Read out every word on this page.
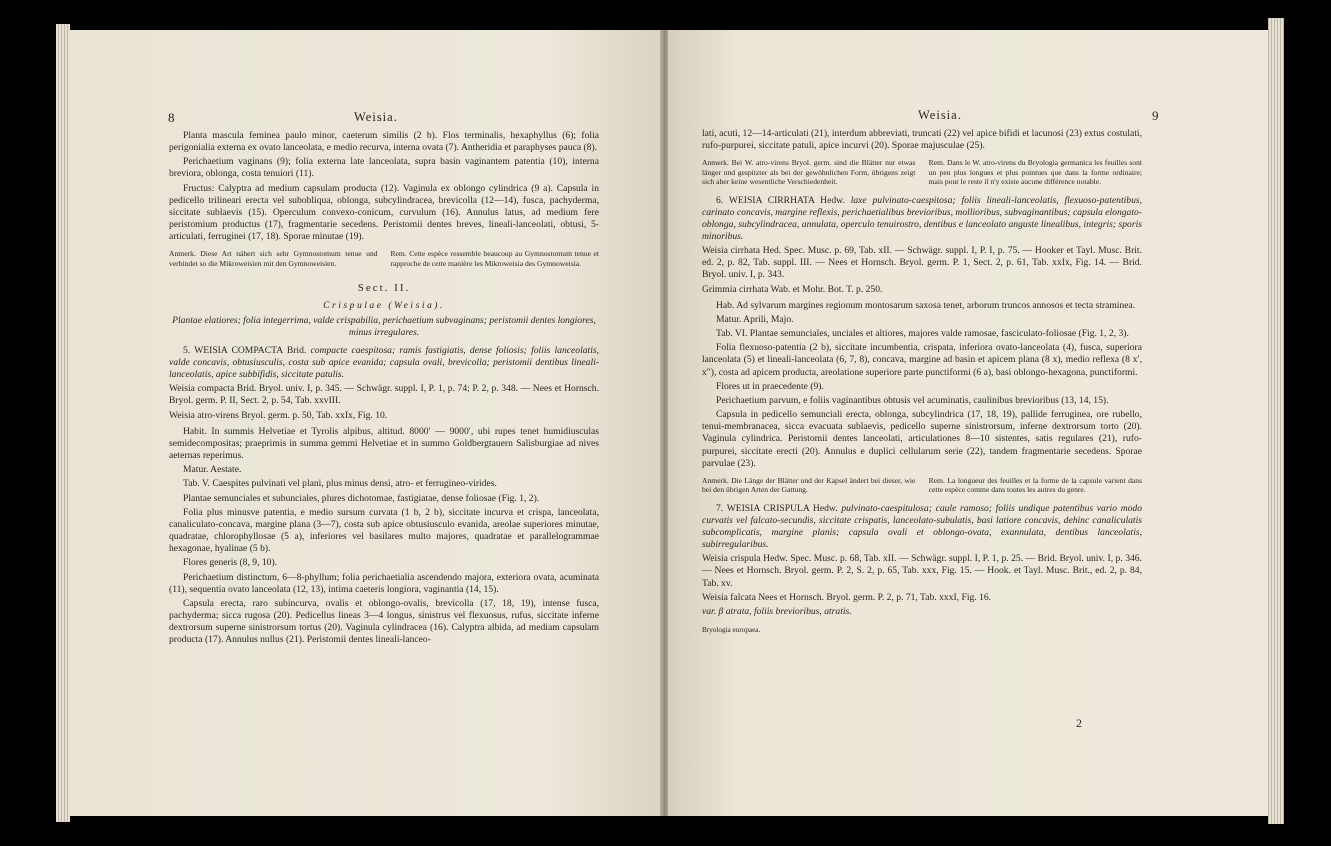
8	Weisia.

Planta mascula feminea paulo minor, caeterum similis (2 b). Flos terminalis, hexaphyllus (6); folia perigonialia externa ex ovato lanceolata, e medio recurva, interna ovata (7). Antheridia et paraphyses pauca (8).

Perichaetium vaginans (9); folia externa late lanceolata, supra basin vaginantem patentia (10), interna breviora, oblonga, costa tenuiori (11).

Fructus: Calyptra ad medium capsulam producta (12). Vaginula ex oblongo cylindrica (9 a). Capsula in pedicello trilineari erecta vel subobliqua, oblonga, subcylindracea, brevicolla (12—14), fusca, pachyderma, siccitate sublaevis (15). Operculum convexo-conicum, curvulum (16). Annulus latus, ad medium fere peristomium productus (17), fragmentarie secedens. Peristomii dentes breves, lineali-lanceolati, obtusi, 5-articulati, ferruginei (17, 18). Sporae minutae (19).

Anmerk. Diese Art nähert sich sehr Gymnostomum tenue und verbindet so die Mikroweisien mit den Gymnoweisien.
Rem. Cette espèce ressemble beaucoup au Gymnostomum tenue et rapproche de cette manière les Mikroweisia des Gymnoweisia.

Sect. II.

Crispulae (Weisia).

Plantae elatiores; folia integerrima, valde crispabilia, perichaetium subvaginans; peristomii dentes longiores, minus irregulares.

5. WEISIA COMPACTA Brid. compacte caespitosa; ramis fastigiatis, dense foliosis; foliis lanceolatis, valde concavis, obtusiusculis, costa sub apice evanida; capsula ovali, brevicolla; peristomii dentibus lineali-lanceolatis, apice subbifidis, siccitate patulis.

Weisia compacta Brid. Bryol. univ. I, p. 345. — Schwägr. suppl. I, P. 1, p. 74; P. 2, p. 348. — Nees et Hornsch. Bryol. germ. P. II, Sect. 2, p. 54, Tab. xxvIII.

Weisia atro-virens Bryol. germ. p. 50, Tab. xxIx, Fig. 10.

Habit. In summis Helvetiae et Tyrolis alpibus, altitud. 8000′ — 9000′, ubi rupes tenet humidiusculas semidecompositas; praeprimis in summa gemmi Helvetiae et in summo Goldbergtauern Salisburgiae ad nives aeternas reperimus.

Matur. Aestate.

Tab. V. Caespites pulvinati vel plani, plus minus densi, atro- et ferrugineo-virides.

Plantae semunciales et subunciales, plures dichotomae, fastigiatae, dense foliosae (Fig. 1, 2).

Folia plus minusve patentia, e medio sursum curvata (1 b, 2 b), siccitate incurva et crispa, lanceolata, canaliculato-concava, margine plana (3—7), costa sub apice obtusiusculo evanida, areolae superiores minutae, quadratae, chlorophyllosae (5 a), inferiores vel basilares multo majores, quadratae et parallelogrammae hexagonae, hyalinae (5 b).

Flores generis (8, 9, 10).

Perichaetium distinctum, 6—8-phyllum; folia perichaetialia ascendendo majora, exteriora ovata, acuminata (11), sequentia ovato lanceolata (12, 13), intima caeteris longiora, vaginantia (14, 15).

Capsula erecta, raro subincurva, ovalis et oblongo-ovalis, brevicolla (17, 18, 19), intense fusca, pachyderma; sicca rugosa (20). Pedicellus lineas 3—4 longus, sinistrus vel flexuosus, rufus, siccitate inferne dextrorsum superne sinistrorsum tortus (20). Vaginula cylindracea (16). Calyptra albida, ad mediam capsulam producta (17). Annulus nullus (21). Peristomii dentes lineali-lanceo-

Weisia.	9

lati, acuti, 12—14-articulati (21), interdum abbreviati, truncati (22) vel apice bifidi et lacunosi (23) extus costulati, rufo-purpurei, siccitate patuli, apice incurvi (20). Sporae majusculae (25).

Anmerk. Bei W. atro-virens Bryol. germ. sind die Blätter nur etwas länger und gespitzter als bei der gewöhnlichen Form, übrigens zeigt sich aber keine wesentliche Verschiedenheit.
Rem. Dans le W. atro-virens du Bryologia germanica les feuilles sont un peu plus longues et plus pointues que dans la forme ordinaire; mais pour le reste il n'y existe aucune différence notable.

6. WEISIA CIRRHATA Hedw. laxe pulvinato-caespitosa; foliis lineali-lanceolatis, flexuoso-patentibus, carinato concavis, margine reflexis, perichaetialibus brevioribus, mollioribus, subvaginantibus; capsula elongato-oblonga, subcylindracea, annulata, operculo tenuirostro, dentibus e lanceolato anguste linealibus, integris; sporis minoribus.

Weisia cirrhata Hed. Spec. Musc. p. 69, Tab. xII. — Schwägr. suppl. I, P. I, p. 75. — Hooker et Tayl. Musc. Brit. ed. 2, p. 82, Tab. suppl. III. — Nees et Hornsch. Bryol. germ. P. 1, Sect. 2, p. 61, Tab. xxIx, Fig. 14. — Brid. Bryol. univ. I, p. 343.

Grimmia cirrhata Wab. et Mohr. Bot. T. p. 250.

Hab. Ad sylvarum margines regionum montosarum saxosa tenet, arborum truncos annosos et tecta straminea.

Matur. Aprili, Majo.

Tab. VI. Plantae semunciales, unciales et altiores, majores valde ramosae, fasciculato-foliosae (Fig. 1, 2, 3).

Folia flexuoso-patentia (2 b), siccitate incumbentia, crispata, inferiora ovato-lanceolata (4), fusca, superiora lanceolata (5) et lineali-lanceolata (6, 7, 8), concava, margine ad basin et apicem plana (8 x), medio reflexa (8 x′, x″), costa ad apicem producta, areolatione superiore parte punctiformi (6 a), basi oblongo-hexagona, punctiformi.

Flores ut in praecedente (9).

Perichaetium parvum, e foliis vaginantibus obtusis vel acuminatis, caulinibus brevioribus (13, 14, 15).

Capsula in pedicello semunciali erecta, oblonga, subcylindrica (17, 18, 19), pallide ferruginea, ore rubello, tenui-membranacea, sicca evacuata sublaevis, pedicello superne sinistrorsum, inferne dextrorsum torto (20). Vaginula cylindrica. Peristomii dentes lanceolati, articulationes 8—10 sistentes, satis regulares (21), rufo-purpurei, siccitate erecti (20). Annulus e duplici cellularum serie (22), tandem fragmentarie secedens. Sporae parvulae (23).

Anmerk. Die Länge der Blätter und der Kapsel ändert bei dieser, wie bei den übrigen Arten der Gattung.
Rem. La longueur des feuilles et la forme de la capsule varient dans cette espèce comme dans toutes les autres du genre.

7. WEISIA CRISPULA Hedw. pulvinato-caespitulosa; caule ramoso; foliis undique patentibus vario modo curvatis vel falcato-secundis, siccitate crispatis, lanceolato-subulatis, basi latiore concavis, dehinc canaliculatis subcomplicatis, margine planis; capsula ovali et oblongo-ovata, exannulata, dentibus lanceolatis, subirregularibus.

Weisia crispula Hedw. Spec. Musc. p. 68, Tab. xII. — Schwägr. suppl. I, P. 1, p. 25. — Brid. Bryol. univ. I, p. 346. — Nees et Hornsch. Bryol. germ. P. 2, S. 2, p. 65, Tab. xxx, Fig. 15. — Hook. et Tayl. Musc. Brit., ed. 2, p. 84, Tab. xv.

Weisia falcata Nees et Hornsch. Bryol. germ. P. 2, p. 71, Tab. xxxI, Fig. 16.

var. β atrata, foliis brevioribus, atratis.

Bryologia europaea.

2
